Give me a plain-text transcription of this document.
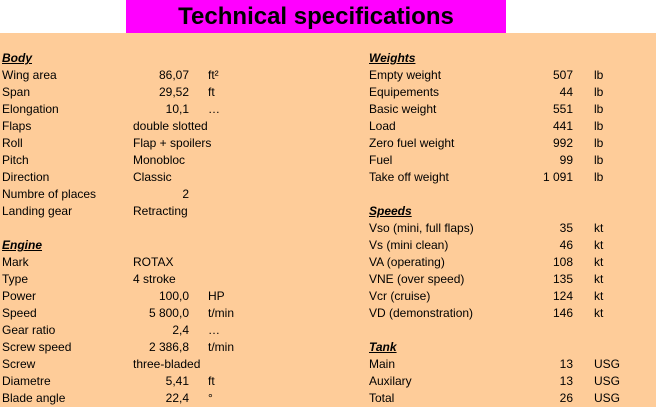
Technical specifications
Body
Wing area	86,07 ft²
Span	29,52 ft
Elongation	10,1 …
Flaps	double slotted
Roll	Flap + spoilers
Pitch	Monobloc
Direction	Classic
Numbre of places	2
Landing gear	Retracting
Engine
Mark	ROTAX
Type	4 stroke
Power	100,0 HP
Speed	5 800,0 t/min
Gear ratio	2,4 …
Screw speed	2 386,8 t/min
Screw	three-bladed
Diametre	5,41 ft
Blade angle	22,4 °
Weights
Empty weight	507 lb
Equipements	44 lb
Basic weight	551 lb
Load	441 lb
Zero fuel weight	992 lb
Fuel	99 lb
Take off weight	1 091 lb
Speeds
Vso (mini, full flaps)	35 kt
Vs (mini clean)	46 kt
VA (operating)	108 kt
VNE (over speed)	135 kt
Vcr (cruise)	124 kt
VD (demonstration)	146 kt
Tank
Main	13 USG
Auxilary	13 USG
Total	26 USG
